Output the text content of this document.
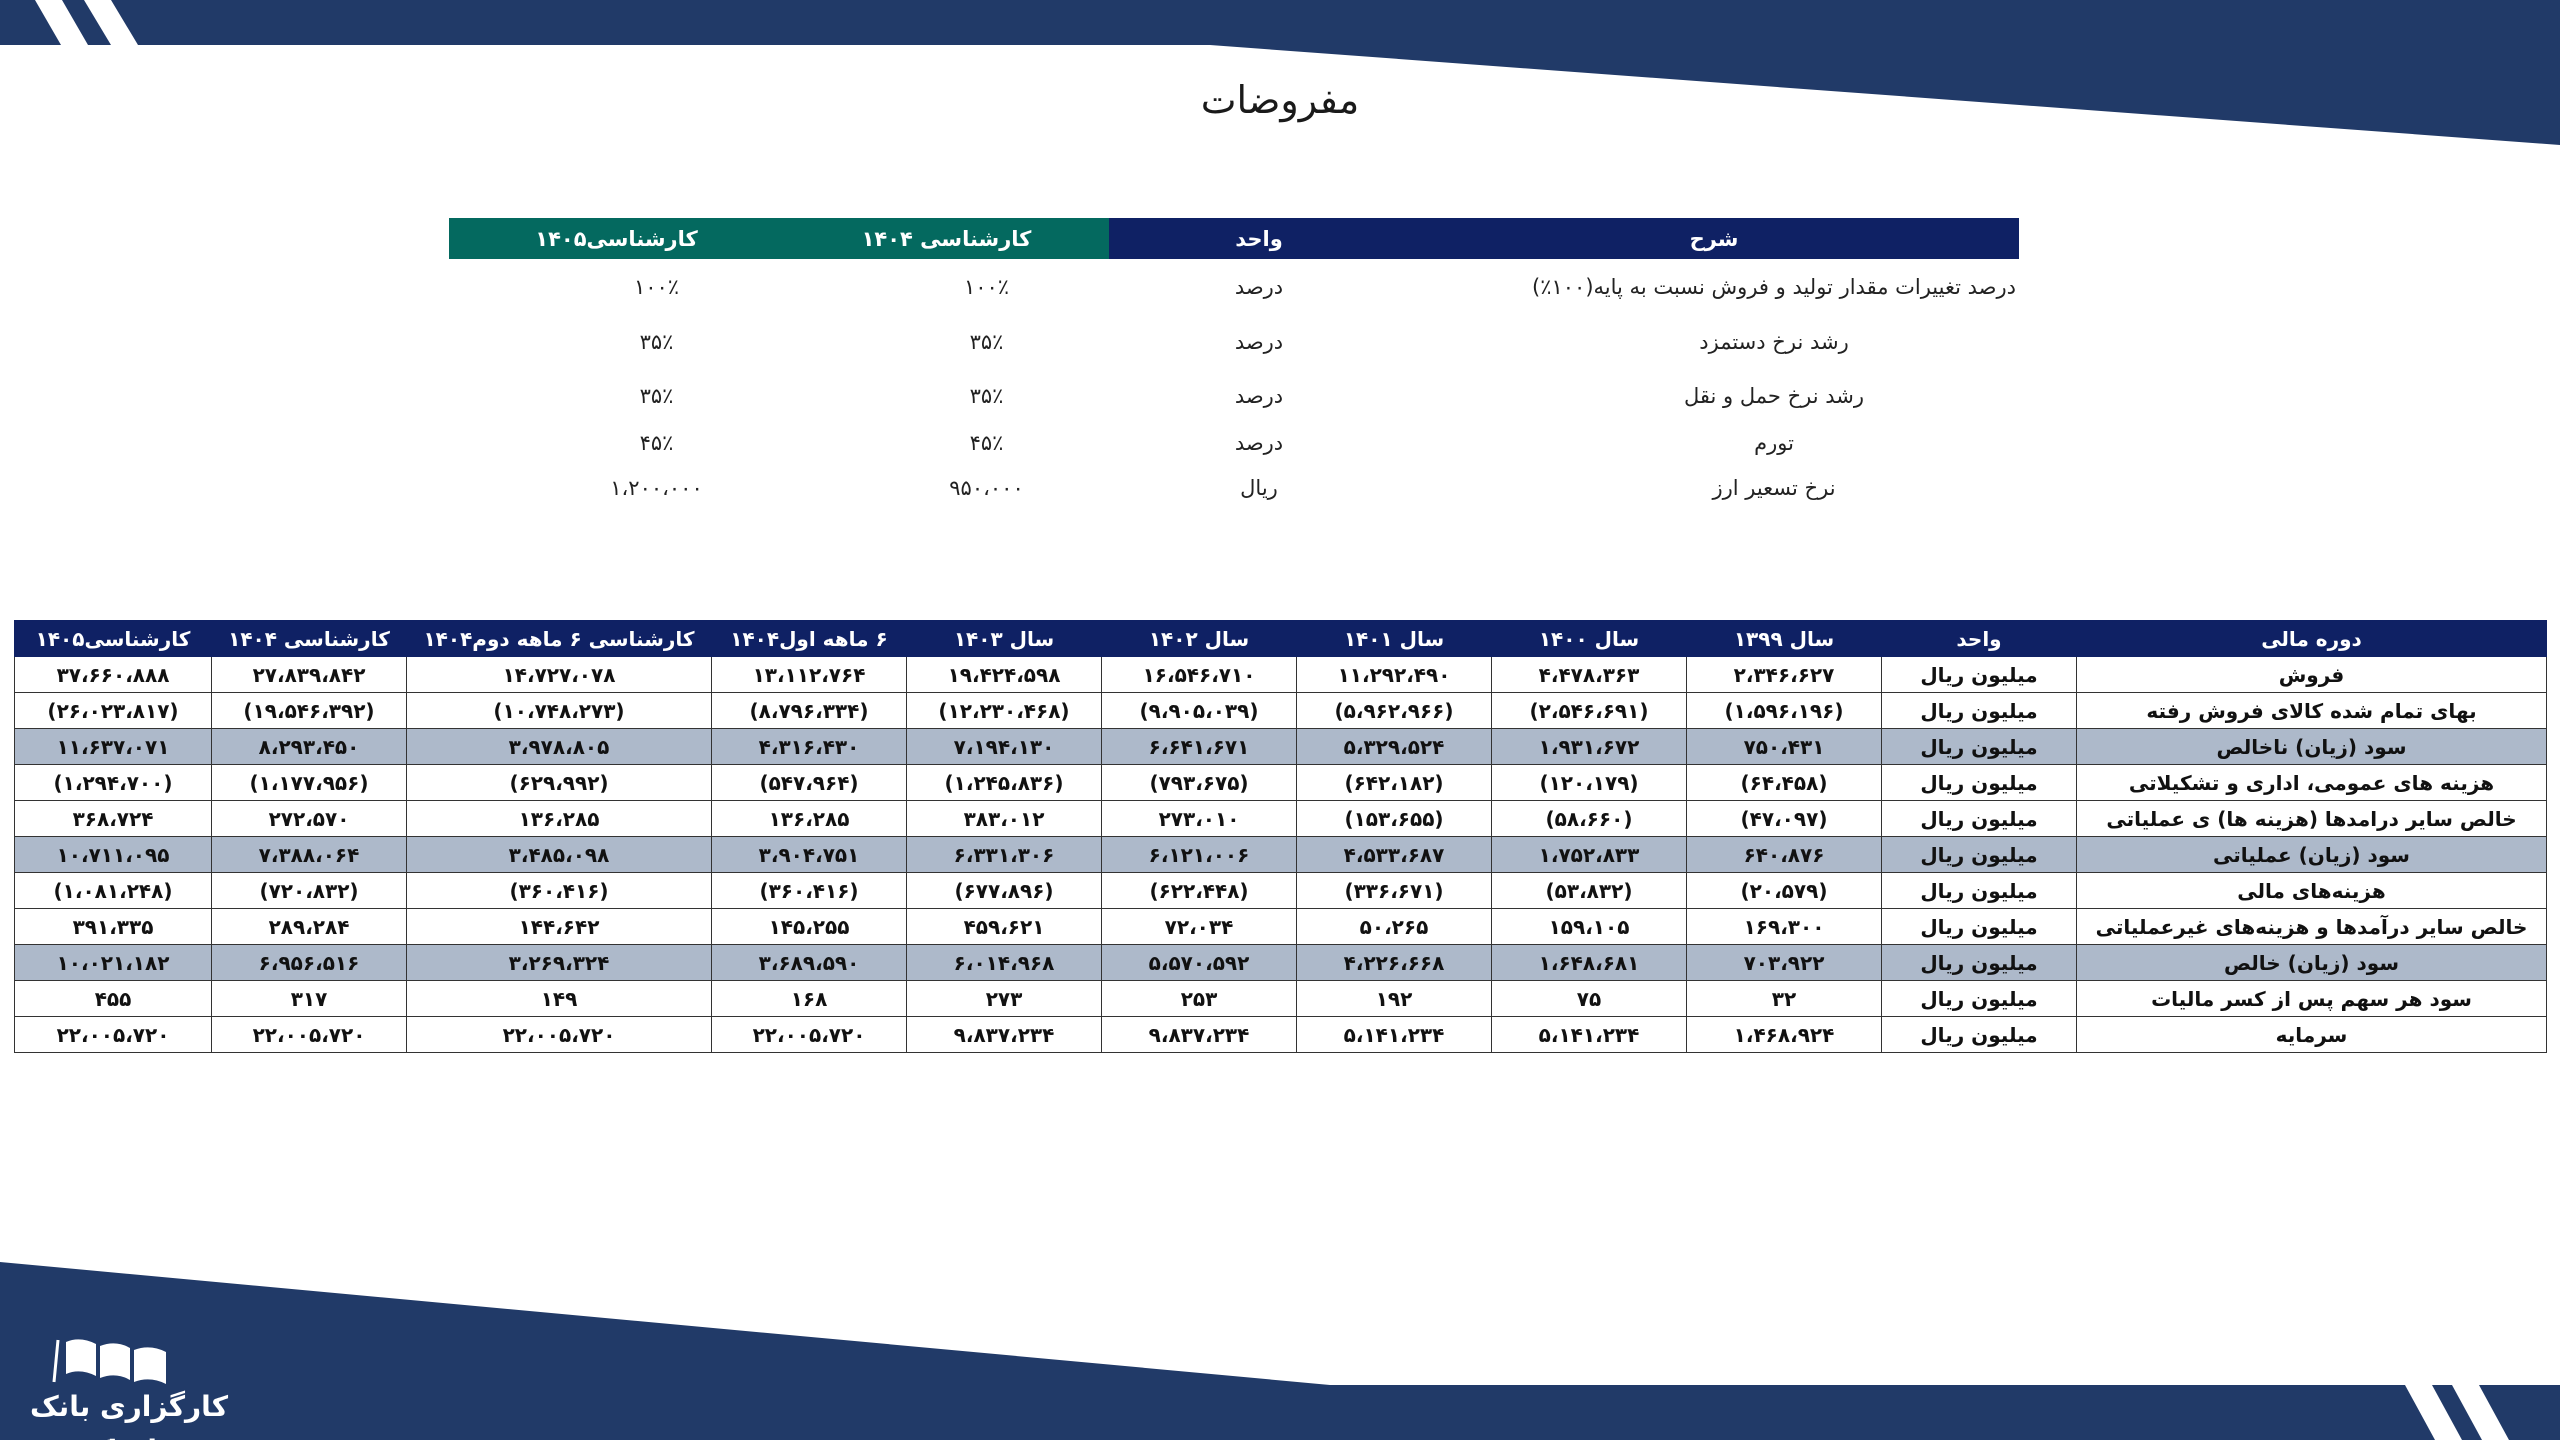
مفروضات
شرح	واحد	کارشناسی ۱۴۰۴	کارشناسی۱۴۰۵
درصد تغییرات مقدار تولید و فروش نسبت به پایه(۱۰۰٪)	درصد	۱۰۰٪	۱۰۰٪
رشد نرخ دستمزد	درصد	۳۵٪	۳۵٪
رشد نرخ حمل و نقل	درصد	۳۵٪	۳۵٪
تورم	درصد	۴۵٪	۴۵٪
نرخ تسعیر ارز	ریال	۹۵۰،۰۰۰	۱،۲۰۰،۰۰۰
دوره مالی	واحد	سال ۱۳۹۹	سال ۱۴۰۰	سال ۱۴۰۱	سال ۱۴۰۲	سال ۱۴۰۳	۶ ماهه اول۱۴۰۴	کارشناسی ۶ ماهه دوم۱۴۰۴	کارشناسی ۱۴۰۴	کارشناسی۱۴۰۵
فروش	میلیون ریال	۲،۳۴۶،۶۲۷	۴،۴۷۸،۳۶۳	۱۱،۲۹۲،۴۹۰	۱۶،۵۴۶،۷۱۰	۱۹،۴۲۴،۵۹۸	۱۳،۱۱۲،۷۶۴	۱۴،۷۲۷،۰۷۸	۲۷،۸۳۹،۸۴۲	۳۷،۶۶۰،۸۸۸
بهای تمام شده کالای فروش رفته	میلیون ریال	(۱،۵۹۶،۱۹۶)	(۲،۵۴۶،۶۹۱)	(۵،۹۶۲،۹۶۶)	(۹،۹۰۵،۰۳۹)	(۱۲،۲۳۰،۴۶۸)	(۸،۷۹۶،۳۳۴)	(۱۰،۷۴۸،۲۷۳)	(۱۹،۵۴۶،۳۹۲)	(۲۶،۰۲۳،۸۱۷)
سود (زیان) ناخالص	میلیون ریال	۷۵۰،۴۳۱	۱،۹۳۱،۶۷۲	۵،۳۲۹،۵۲۴	۶،۶۴۱،۶۷۱	۷،۱۹۴،۱۳۰	۴،۳۱۶،۴۳۰	۳،۹۷۸،۸۰۵	۸،۲۹۳،۴۵۰	۱۱،۶۳۷،۰۷۱
هزینه های عمومی، اداری و تشکیلاتی	میلیون ریال	(۶۴،۴۵۸)	(۱۲۰،۱۷۹)	(۶۴۲،۱۸۲)	(۷۹۳،۶۷۵)	(۱،۲۴۵،۸۳۶)	(۵۴۷،۹۶۴)	(۶۲۹،۹۹۲)	(۱،۱۷۷،۹۵۶)	(۱،۲۹۴،۷۰۰)
خالص سایر درامدها (هزینه ها) ی عملیاتی	میلیون ریال	(۴۷،۰۹۷)	(۵۸،۶۶۰)	(۱۵۳،۶۵۵)	۲۷۳،۰۱۰	۳۸۳،۰۱۲	۱۳۶،۲۸۵	۱۳۶،۲۸۵	۲۷۲،۵۷۰	۳۶۸،۷۲۴
سود (زیان) عملیاتی	میلیون ریال	۶۴۰،۸۷۶	۱،۷۵۲،۸۳۳	۴،۵۳۳،۶۸۷	۶،۱۲۱،۰۰۶	۶،۳۳۱،۳۰۶	۳،۹۰۴،۷۵۱	۳،۴۸۵،۰۹۸	۷،۳۸۸،۰۶۴	۱۰،۷۱۱،۰۹۵
هزینه‌های مالی	میلیون ریال	(۲۰،۵۷۹)	(۵۳،۸۳۲)	(۳۳۶،۶۷۱)	(۶۲۲،۴۴۸)	(۶۷۷،۸۹۶)	(۳۶۰،۴۱۶)	(۳۶۰،۴۱۶)	(۷۲۰،۸۳۲)	(۱،۰۸۱،۲۴۸)
خالص سایر درآمدها و هزینه‌های غیرعملیاتی	میلیون ریال	۱۶۹،۳۰۰	۱۵۹،۱۰۵	۵۰،۲۶۵	۷۲،۰۳۴	۴۵۹،۶۲۱	۱۴۵،۲۵۵	۱۴۴،۶۴۲	۲۸۹،۲۸۴	۳۹۱،۳۳۵
سود (زیان) خالص	میلیون ریال	۷۰۳،۹۲۲	۱،۶۴۸،۶۸۱	۴،۲۲۶،۶۶۸	۵،۵۷۰،۵۹۲	۶،۰۱۴،۹۶۸	۳،۶۸۹،۵۹۰	۳،۲۶۹،۳۲۴	۶،۹۵۶،۵۱۶	۱۰،۰۲۱،۱۸۲
سود هر سهم پس از کسر مالیات	میلیون ریال	۳۲	۷۵	۱۹۲	۲۵۳	۲۷۳	۱۶۸	۱۴۹	۳۱۷	۴۵۵
سرمایه	میلیون ریال	۱،۴۶۸،۹۲۴	۵،۱۴۱،۲۳۴	۵،۱۴۱،۲۳۴	۹،۸۳۷،۲۳۴	۹،۸۳۷،۲۳۴	۲۲،۰۰۵،۷۲۰	۲۲،۰۰۵،۷۲۰	۲۲،۰۰۵،۷۲۰	۲۲،۰۰۵،۷۲۰
کارگزاری بانک سپه
